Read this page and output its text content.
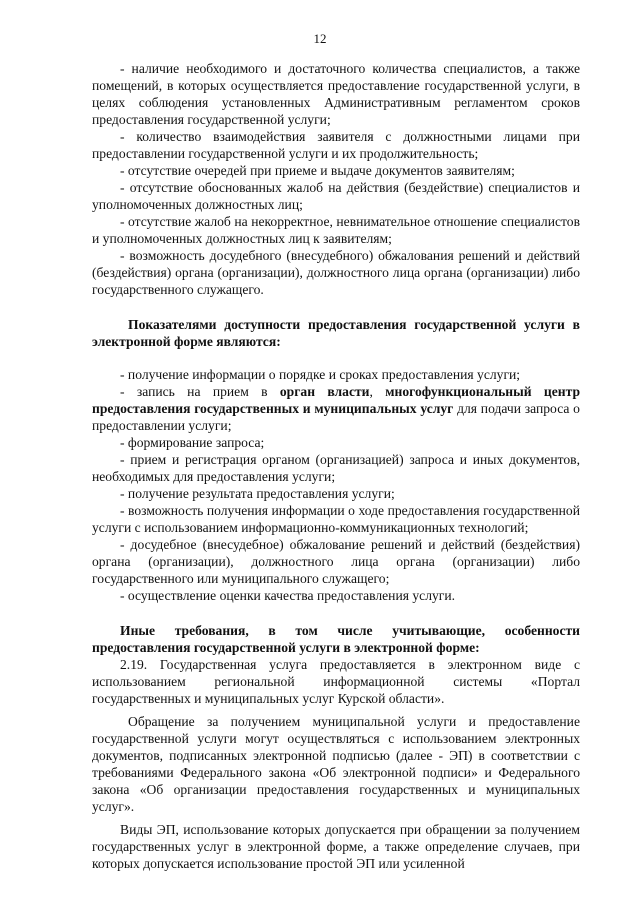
12

- наличие необходимого и достаточного количества специалистов, а также помещений, в которых осуществляется предоставление государственной услуги, в целях соблюдения установленных Административным регламентом сроков предоставления государственной услуги;

- количество взаимодействия заявителя с должностными лицами при предоставлении государственной услуги и их продолжительность;

- отсутствие очередей при приеме и выдаче документов заявителям;

- отсутствие обоснованных жалоб на действия (бездействие) специалистов и уполномоченных должностных лиц;

- отсутствие жалоб на некорректное, невнимательное отношение специалистов и уполномоченных должностных лиц к заявителям;

- возможность досудебного (внесудебного) обжалования решений и действий (бездействия) органа (организации), должностного лица органа (организации) либо государственного служащего.

Показателями доступности предоставления государственной услуги в электронной форме являются:

- получение информации о порядке и сроках предоставления услуги;

- запись на прием в орган власти, многофункциональный центр предоставления государственных и муниципальных услуг для подачи запроса о предоставлении услуги;

- формирование запроса;

- прием и регистрация органом (организацией) запроса и иных документов, необходимых для предоставления услуги;

- получение результата предоставления услуги;

- возможность получения информации о ходе предоставления государственной услуги с использованием информационно-коммуникационных технологий;

- досудебное (внесудебное) обжалование решений и действий (бездействия) органа (организации), должностного лица органа (организации) либо государственного или муниципального служащего;

- осуществление оценки качества предоставления услуги.

Иные требования, в том числе учитывающие, особенности предоставления государственной услуги в электронной форме:

2.19. Государственная услуга предоставляется в электронном виде с использованием региональной информационной системы «Портал государственных и муниципальных услуг Курской области».

Обращение за получением муниципальной услуги и предоставление государственной услуги могут осуществляться с использованием электронных документов, подписанных электронной подписью (далее - ЭП) в соответствии с требованиями Федерального закона «Об электронной подписи» и Федерального закона «Об организации предоставления государственных и муниципальных услуг».

Виды ЭП, использование которых допускается при обращении за получением государственных услуг в электронной форме, а также определение случаев, при которых допускается использование простой ЭП или усиленной
